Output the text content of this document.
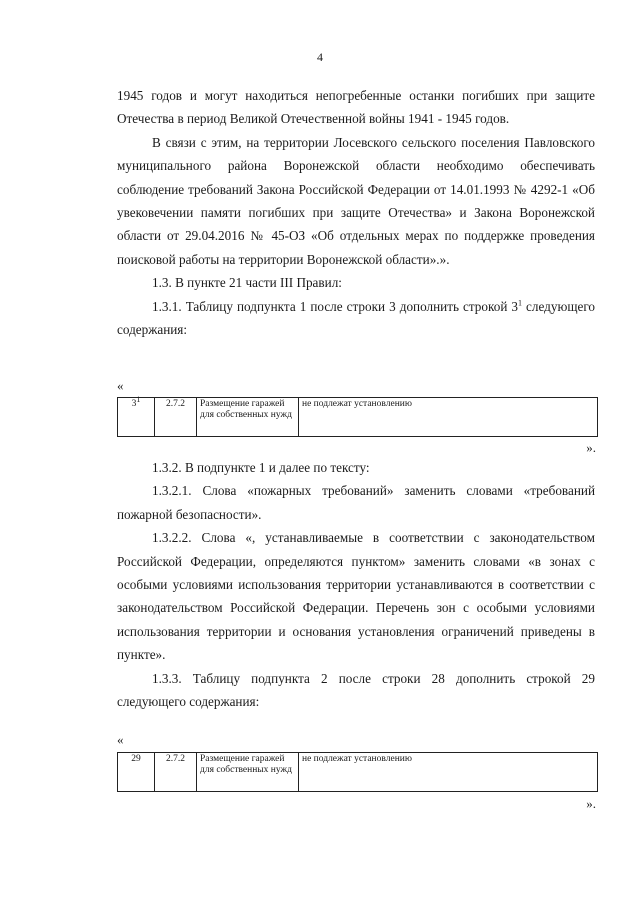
4

1945 годов и могут находиться непогребенные останки погибших при защите Отечества в период Великой Отечественной войны 1941 - 1945 годов.

В связи с этим, на территории Лосевского сельского поселения Павловского муниципального района Воронежской области необходимо обеспечивать соблюдение требований Закона Российской Федерации от 14.01.1993 № 4292-1 «Об увековечении памяти погибших при защите Отечества» и Закона Воронежской области от 29.04.2016 № 45-ОЗ «Об отдельных мерах по поддержке проведения поисковой работы на территории Воронежской области».».

1.3. В пункте 21 части III Правил:

1.3.1. Таблицу подпункта 1 после строки 3 дополнить строкой $3^1$ следующего содержания:

«
$3^1$	2.7.2	Размещение гаражей для собственных нужд	не подлежат установлению
».

1.3.2. В подпункте 1 и далее по тексту:

1.3.2.1. Слова «пожарных требований» заменить словами «требований пожарной безопасности».

1.3.2.2. Слова «, устанавливаемые в соответствии с законодательством Российской Федерации, определяются пунктом» заменить словами «в зонах с особыми условиями использования территории устанавливаются в соответствии с законодательством Российской Федерации. Перечень зон с особыми условиями использования территории и основания установления ограничений приведены в пункте».

1.3.3. Таблицу подпункта 2 после строки 28 дополнить строкой 29 следующего содержания:

«
29	2.7.2	Размещение гаражей для собственных нужд	не подлежат установлению
».
